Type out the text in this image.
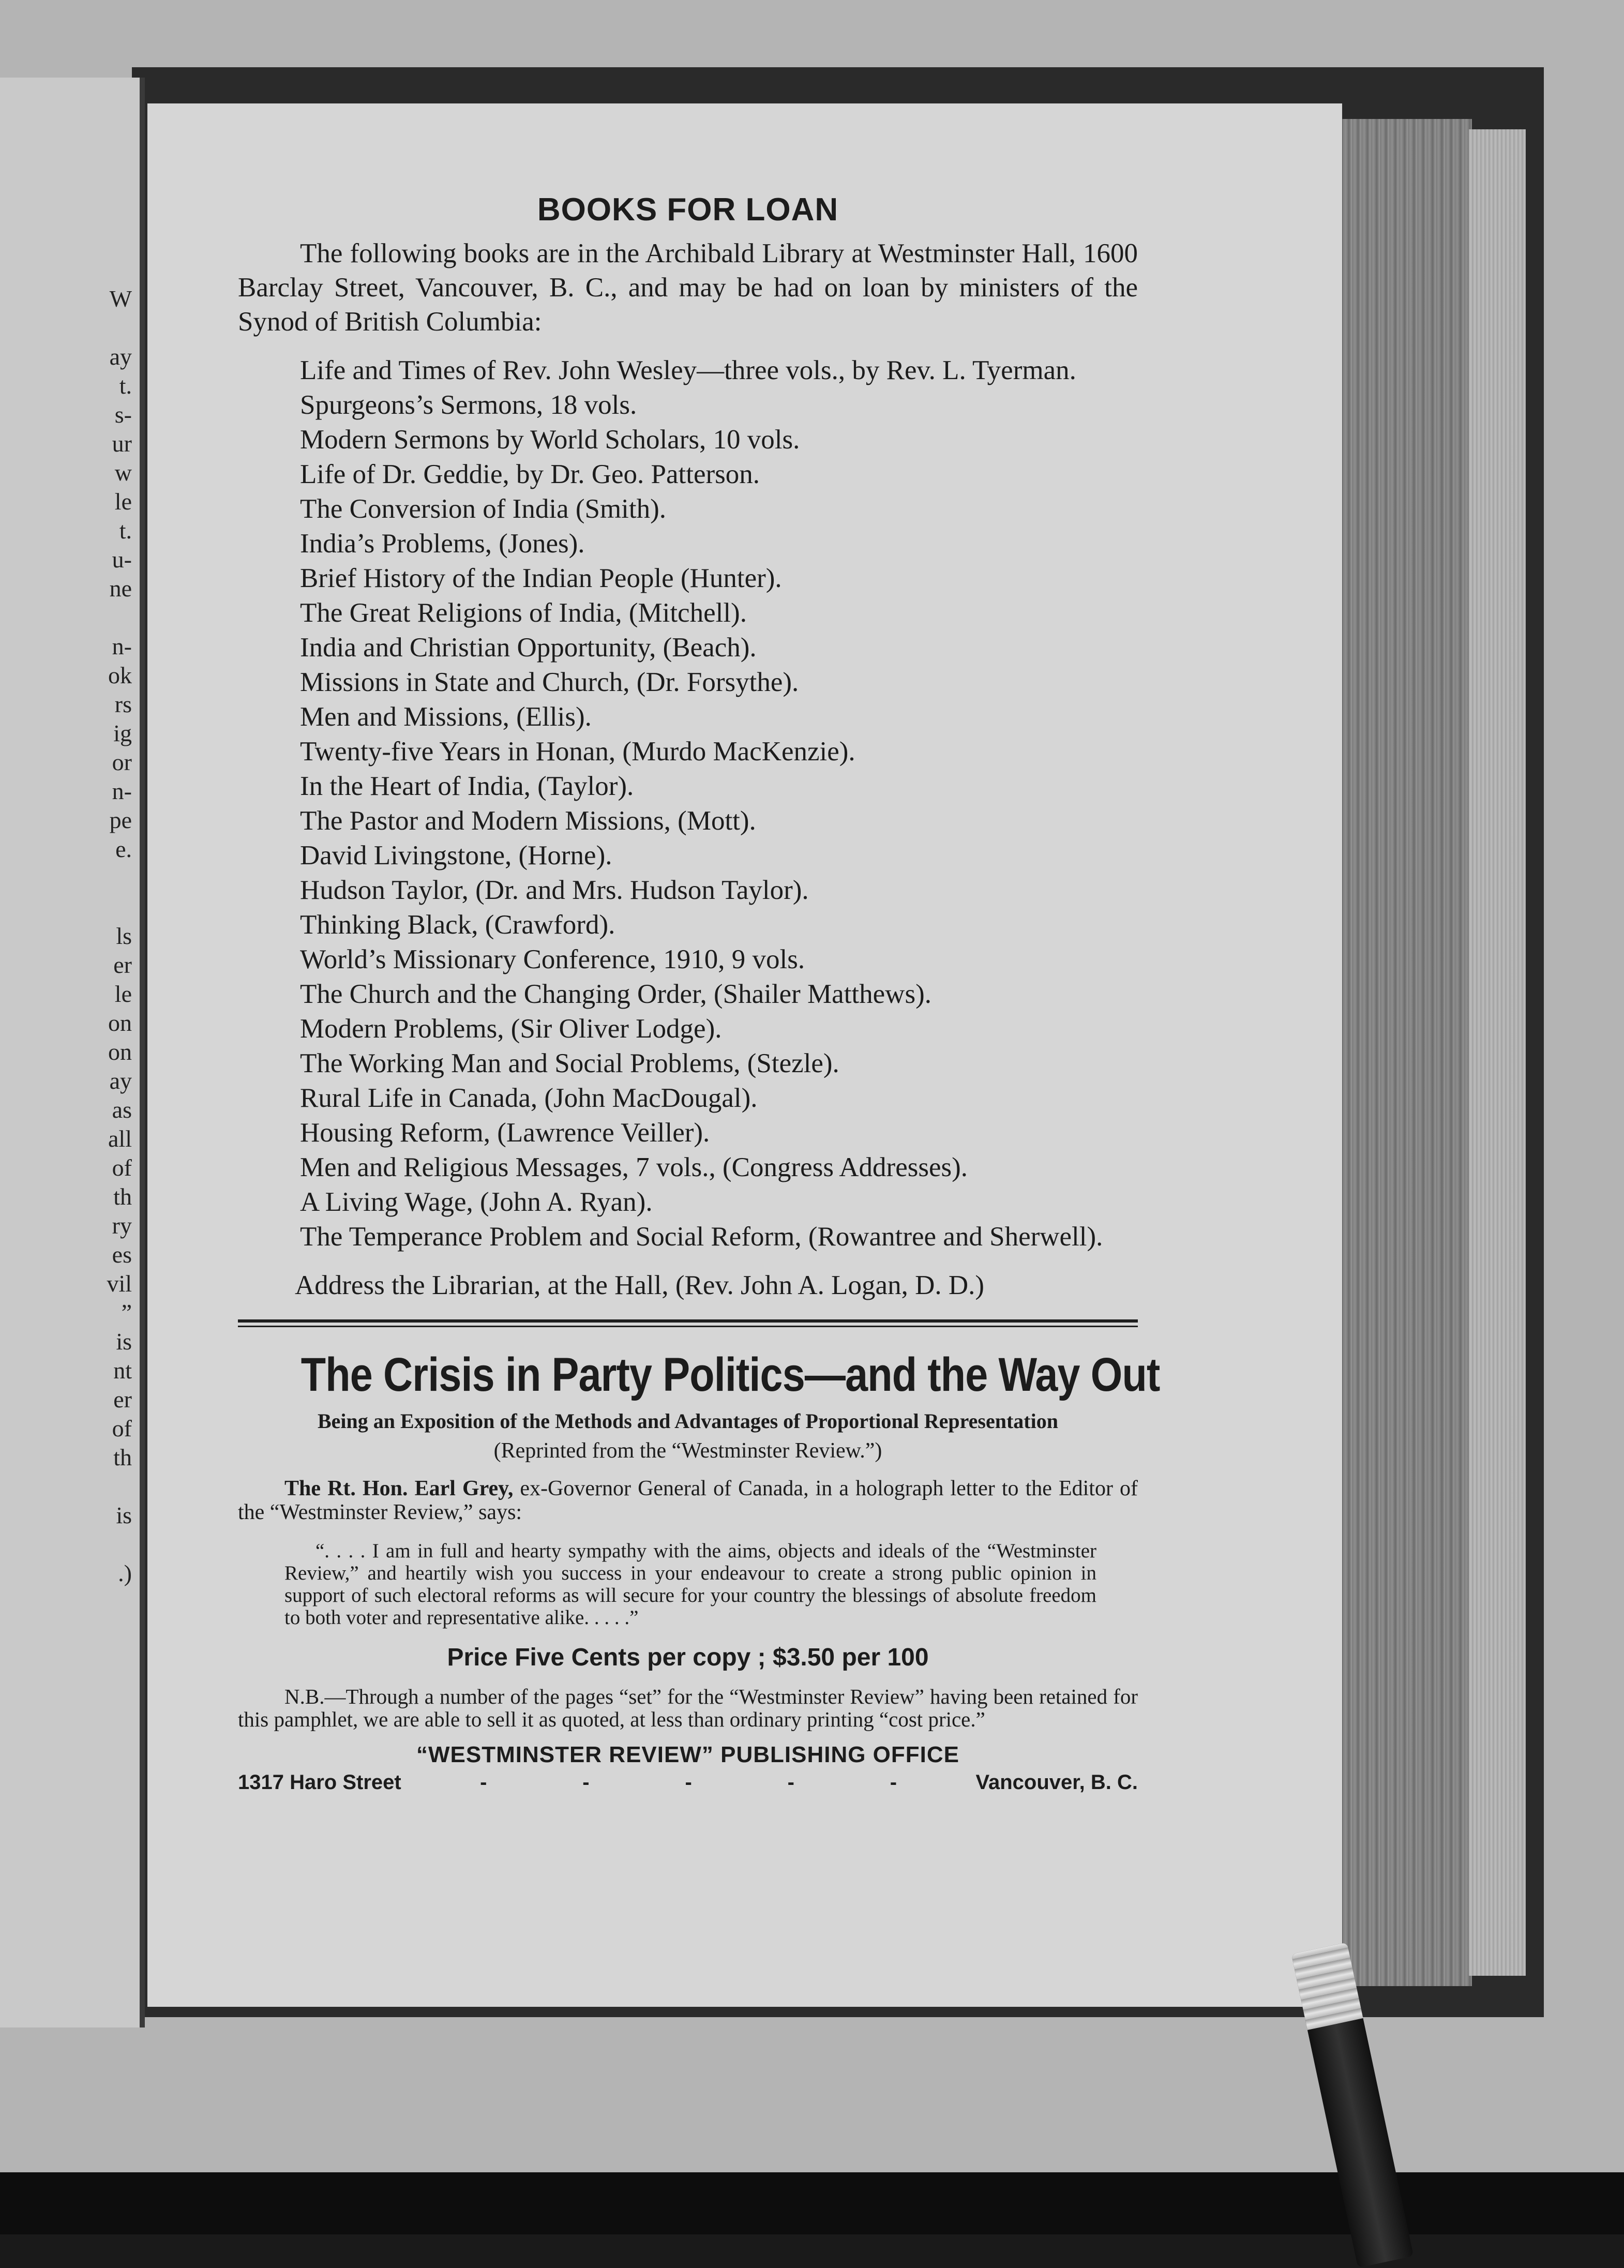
W

ay
t.
s-
ur
w
le
t.
u-
ne

n-
ok
rs
ig
or
n-
pe
e.

ls
er
le
on
on
ay
as
all
of
th
ry
es
vil
”
is
nt
er
of
th

is

.)
BOOKS FOR LOAN

The following books are in the Archibald Library at Westminster Hall, 1600 Barclay Street, Vancouver, B. C., and may be had on loan by ministers of the Synod of British Columbia:

Life and Times of Rev. John Wesley—three vols., by Rev. L. Tyerman.
Spurgeons’s Sermons, 18 vols.
Modern Sermons by World Scholars, 10 vols.
Life of Dr. Geddie, by Dr. Geo. Patterson.
The Conversion of India (Smith).
India’s Problems, (Jones).
Brief History of the Indian People (Hunter).
The Great Religions of India, (Mitchell).
India and Christian Opportunity, (Beach).
Missions in State and Church, (Dr. Forsythe).
Men and Missions, (Ellis).
Twenty-five Years in Honan, (Murdo MacKenzie).
In the Heart of India, (Taylor).
The Pastor and Modern Missions, (Mott).
David Livingstone, (Horne).
Hudson Taylor, (Dr. and Mrs. Hudson Taylor).
Thinking Black, (Crawford).
World’s Missionary Conference, 1910, 9 vols.
The Church and the Changing Order, (Shailer Matthews).
Modern Problems, (Sir Oliver Lodge).
The Working Man and Social Problems, (Stezle).
Rural Life in Canada, (John MacDougal).
Housing Reform, (Lawrence Veiller).
Men and Religious Messages, 7 vols., (Congress Addresses).
A Living Wage, (John A. Ryan).
The Temperance Problem and Social Reform, (Rowantree and Sherwell).

Address the Librarian, at the Hall, (Rev. John A. Logan, D. D.)

The Crisis in Party Politics—and the Way Out
Being an Exposition of the Methods and Advantages of Proportional Representation
(Reprinted from the “Westminster Review.”)

The Rt. Hon. Earl Grey, ex-Governor General of Canada, in a holograph letter to the Editor of the “Westminster Review,” says:

“. . . . I am in full and hearty sympathy with the aims, objects and ideals of the “Westminster Review,” and heartily wish you success in your endeavour to create a strong public opinion in support of such electoral reforms as will secure for your country the blessings of absolute freedom to both voter and representative alike. . . . .”

Price Five Cents per copy ; $3.50 per 100

N.B.—Through a number of the pages “set” for the “Westminster Review” having been retained for this pamphlet, we are able to sell it as quoted, at less than ordinary printing “cost price.”

“WESTMINSTER REVIEW” PUBLISHING OFFICE
1317 Haro Street	-	-	-	-	-	Vancouver, B. C.
